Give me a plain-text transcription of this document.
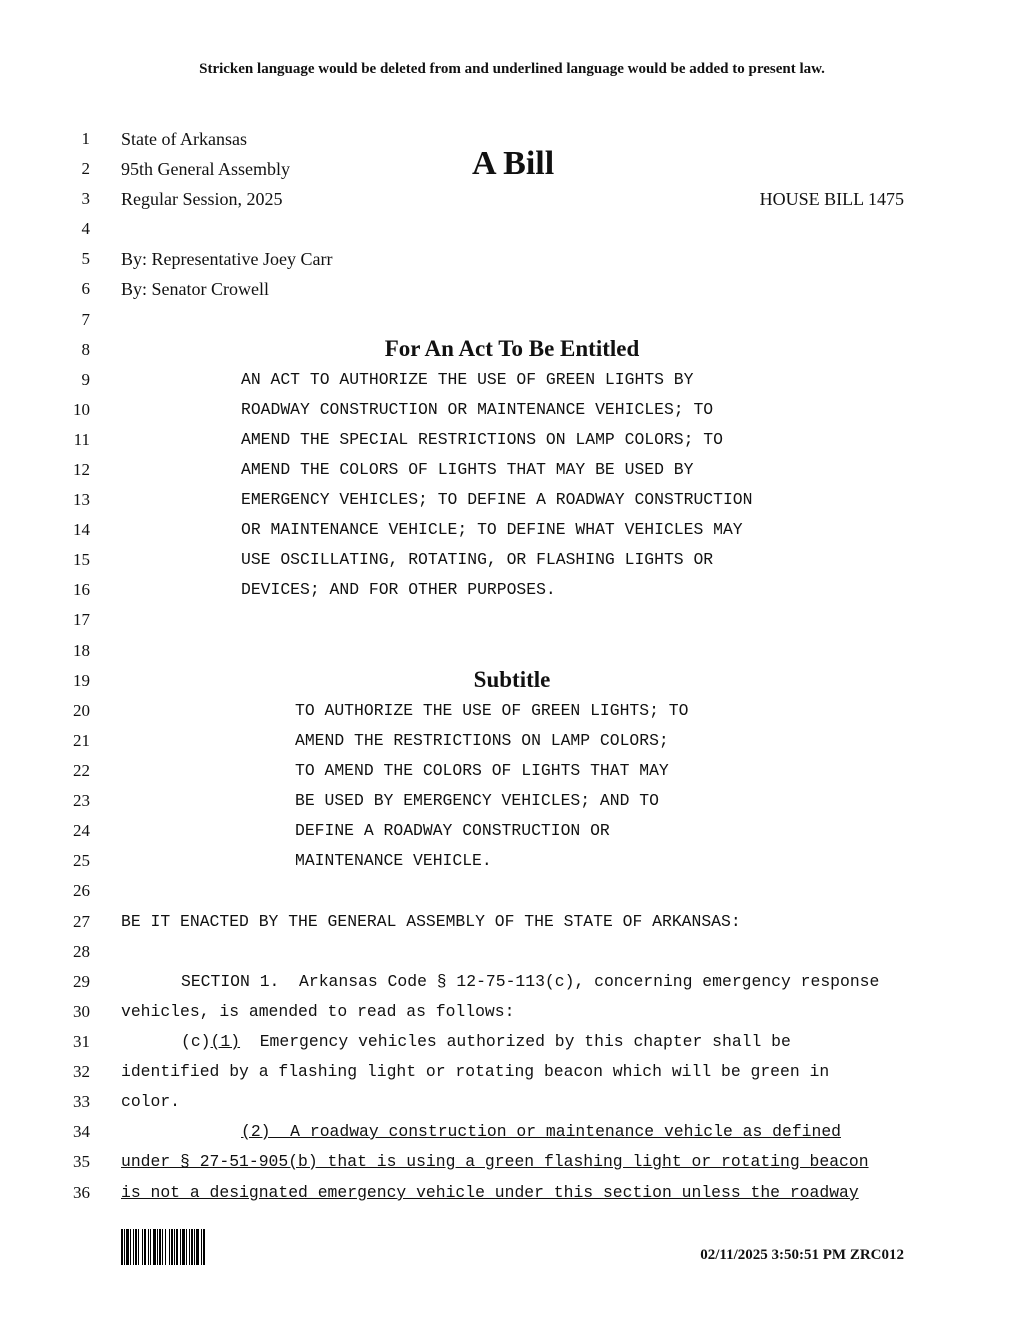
Stricken language would be deleted from and underlined language would be added to present law.
1
2
3
4
5
6
7
8
9
10
11
12
13
14
15
16
17
18
19
20
21
22
23
24
25
26
27
28
29
30
31
32
33
34
35
36
State of Arkansas
95th General Assembly	A Bill
Regular Session, 2025	HOUSE BILL 1475
By: Representative Joey Carr
By: Senator Crowell
For An Act To Be Entitled
AN ACT TO AUTHORIZE THE USE OF GREEN LIGHTS BY
ROADWAY CONSTRUCTION OR MAINTENANCE VEHICLES; TO
AMEND THE SPECIAL RESTRICTIONS ON LAMP COLORS; TO
AMEND THE COLORS OF LIGHTS THAT MAY BE USED BY
EMERGENCY VEHICLES; TO DEFINE A ROADWAY CONSTRUCTION
OR MAINTENANCE VEHICLE; TO DEFINE WHAT VEHICLES MAY
USE OSCILLATING, ROTATING, OR FLASHING LIGHTS OR
DEVICES; AND FOR OTHER PURPOSES.
Subtitle
TO AUTHORIZE THE USE OF GREEN LIGHTS; TO
AMEND THE RESTRICTIONS ON LAMP COLORS;
TO AMEND THE COLORS OF LIGHTS THAT MAY
BE USED BY EMERGENCY VEHICLES; AND TO
DEFINE A ROADWAY CONSTRUCTION OR
MAINTENANCE VEHICLE.
BE IT ENACTED BY THE GENERAL ASSEMBLY OF THE STATE OF ARKANSAS:
SECTION 1.  Arkansas Code § 12-75-113(c), concerning emergency response
vehicles, is amended to read as follows:
(c)(1)  Emergency vehicles authorized by this chapter shall be
identified by a flashing light or rotating beacon which will be green in
color.
(2)  A roadway construction or maintenance vehicle as defined
under § 27-51-905(b) that is using a green flashing light or rotating beacon
is not a designated emergency vehicle under this section unless the roadway
02/11/2025 3:50:51 PM ZRC012
